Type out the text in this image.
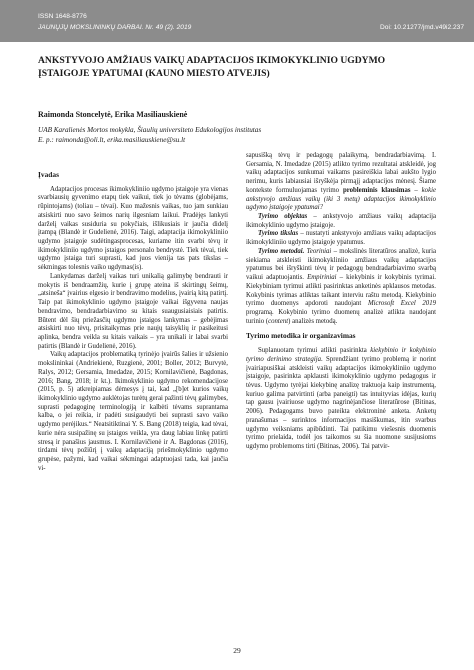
ISSN 1648-8776
JAUNŲJŲ MOKSLININKŲ DARBAI. Nr. 49 (2). 2019	Doi: 10.21277/jmd.v49i2.237
ANKSTYVOJO AMŽIAUS VAIKŲ ADAPTACIJOS IKIMOKYKLINIO UGDYMO ĮSTAIGOJE YPATUMAI (KAUNO MIESTO ATVEJIS)
Raimonda Stoncelytė, Erika Masiliauskienė
UAB Karalienės Mortos mokykla, Šiaulių universiteto Edukologijos institutas
E. p.: raimonda@oli.lt, erika.masiliauskiene@su.lt
Įvadas

Adaptacijos procesas ikimokykliniio ugdymo įstaigoje yra vienas svarbiausių gyvenimo etapų tiek vaikui, tiek jo tėvams (globėjams, rūpintojams) (toliau – tėvai). Kuo mažesnis vaikas, tuo jam sunkiau atsiskirti nuo savo šeimos narių ilgesniam laikui. Pradėjęs lankyti darželį vaikas susiduria su pokyčiais, išlikusiais ir jaučia didelį įtampą (Blandė ir Gudelienė, 2016). Taigi, adaptacija ikimokykliniio ugdymo įstaigoje sudėtingasprocesas, kuriame itin svarbi tėvų ir ikimokykliniio ugdymo įstaigos personalo bendrystė. Tiek tėvai, tiek ugdymo įstaiga turi suprasti, kad juos vienija tas pats tikslas – sėkmingas tolesnis vaiko ugdymas(is).

Lankydamas darželį vaikas turi unikalią galimybę bendrauti ir mokytis iš bendraamžių, kurie į grupę ateina iš skirtingų šeimų, „atsinešа“ įvairius elgesio ir bendravimo modelius, įvairią kitą patirtį. Taip pat ikimokyklinio ugdymo įstaigoje vaikai išgyvena naujas bendravimo, bendradarbiavimo su kitais suaugusiaisiais patirtis. Būtent dėl šių priežasčių ugdymo įstaigos lankymas – gebėjimas atsiskirti nuo tėvų, prisitaikymas prie naujų taisyklių ir pasikeitusi aplinka, bendra veikla su kitais vaikais – yra unikali ir labai svarbi patirtis (Blandė ir Gudelienė, 2016).

Vaikų adaptacijos problematiką tyrinėjo įvairūs šalies ir užsienio mokslininkai (Andriekienė, Ruzgienė, 2001; Boller, 2012; Burvytė, Ralys, 2012; Gersamia, Imedadze, 2015; Kornilavičienė, Bagdonas, 2016; Bang, 2018; ir kt.). Ikimokyklinio ugdymo rekomendacijose (2015, p. 5) atkreipiamas dėmesys į tai, kad „[b]et kurios vaikų ikimokyklinio ugdymo auklėtojas turėtų gerai pažinti tėvų galimybes, suprasti pedagoginę terminologiją ir kalbėti tėvams suprantama kalba, o jei reikia, ir padėti susigaudyti bei suprasti savo vaiko ugdymo perėjikus.“ Neatsitiktinai Y. S. Bang (2018) teigia, kad tėvai, kurie nėra susipažinę su įstaigos veikla, yra daug labiau linkę patirti stresą ir panašius jausmus. I. Kornilavičienė ir A. Bagdonas (2016), tirdami tėvų požiūrį į vaikų adaptaciją priešmokyklinio ugdymo grupėse, pažymi, kad vaikai sėkmingai adaptuojasi tada, kai jaučia vi-

sapusišką tėvų ir pedagogų palaikymą, bendradarbiavimą. I. Gersamia, N. Imedadze (2015) atlikto tyrimo rezultatai atskleidė, jog vaikų adaptacijos sunkumai vaikams pasireiškia labai aukšto lygio nerimu, kuris labiausiai išryškėja pirmąjį adaptacijos mėnesį. Šiame kontekste formuluojamas tyrimo probleminis klausimas – kokie ankstyvojo amžiaus vaikų (iki 3 metų) adaptacijos ikimokyklinio ugdymo įstaigoje ypatumai?

Tyrimo objektas – ankstyvojo amžiaus vaikų adaptacija ikimokyklinio ugdymo įstaigoje.

Tyrimo tikslas – nustatyti ankstyvojo amžiaus vaikų adaptacijos ikimokykliniio ugdymo įstaigoje ypatumus.

Tyrimo metodai. Teoriniai – mokslinės literatūros analizė, kuria siekiama atskleisti ikimokykliniio amžiaus vaikų adaptacijos ypatumus bei išryškinti tėvų ir pedagogų bendradarbiavimo svarbą vaikui adaptuojantis. Empiriniai – kiekybinis ir kokybinis tyrimai. Kiekybiniam tyrimui atlikti pasirinktas anketinės apklausos metodas. Kokybinis tyrimas atliktas taikant interviu raštu metodą. Kiekybinio tyrimo duomenys apdoroti naudojant Microsoft Excel 2019 programą. Kokybinio tyrimo duomenų analizė atlikta naudojant turinio (content) analizės metodą.

Tyrimo metodika ir organizavimas

Suplanuotam tyrimui atlikti pasirinkta kiekybinio ir kokybinio tyrimo derinimo strategija. Sprendžiant tyrimo problemą ir norint įvairiapusiškai atskleisti vaikų adaptacijos ikimokykliniio ugdymo įstaigoje, pasirinkta apklausti ikimokyklinio ugdymo pedagogus ir tėvus. Ugdymo tyrėjai kiekybinę analizę traktuoja kaip instrumentą, kuriuo galima patvirtinti (arba paneigti) tas intuityvias idėjas, kurių tap gausu įvairiuose ugdymo nagrinėjančiose literatūrose (Bitinas, 2006). Pedagogams buvo pateikta elektroninė anketa. Anketų pranašumas – surinktos informacijos masiškumas, itin svarbus ugdymo veiksniams apibūdinti. Tai patikimu viešesnis duomenis tyrimo prielaida, todėl jos taikomos su šia nuomone susijusioms ugdymo problemoms tirti (Bitinas, 2006). Tai patvir-

29
